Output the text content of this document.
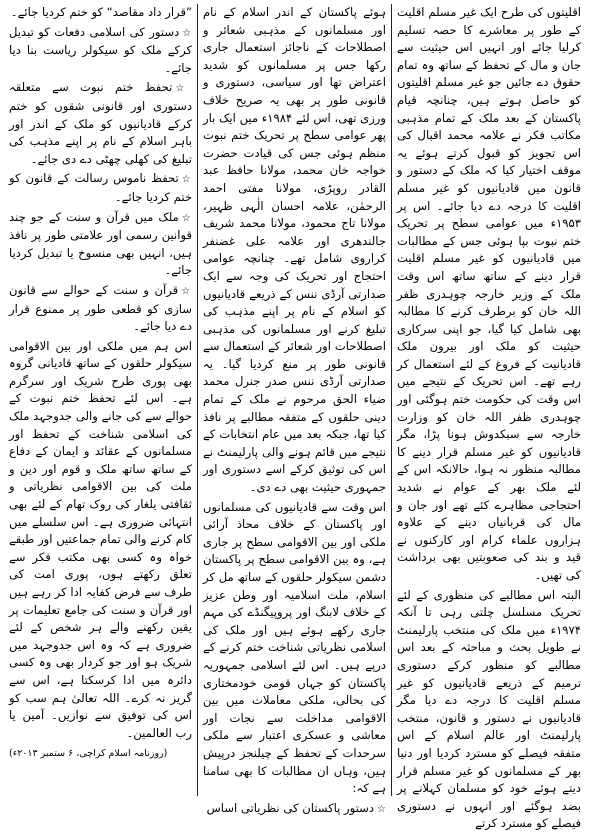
اقلیتوں کی طرح ایک غیر مسلم اقلیت کے طور پر معاشرے کا حصہ تسلیم کرلیا جائے اور انہیں اس حیثیت سے جان و مال کے تحفظ کے ساتھ وہ تمام حقوق دے جائیں جو غیر مسلم اقلیتوں کو حاصل ہوتے ہیں، چنانچہ قیام پاکستان کے بعد ملک کے تمام مذہبی مکاتب فکر نے علامہ محمد اقبال کی اس تجویز کو قبول کرتے ہوئے یہ موقف اختیار کیا کہ ملک کے دستور و قانون میں قادیانیوں کو غیر مسلم اقلیت کا درجہ دے دیا جائے۔ اس پر ۱۹۵۳ء میں عوامی سطح پر تحریک ختم نبوت بپا ہوئی جس کے مطالبات میں قادیانیوں کو غیر مسلم اقلیت قرار دینے کے ساتھ ساتھ اس وقت ملک کے وزیر خارجہ چوہدری ظفر اللہ خان کو برطرف کرنے کا مطالبہ بھی شامل کیا گیا، جو اپنی سرکاری حیثیت کو ملک اور بیرون ملک قادیانیت کے فروغ کے لئے استعمال کر رہے تھے۔ اس تحریک کے نتیجے میں اس وقت کی حکومت ختم ہوگئی اور چوہدری ظفر اللہ خان کو وزارت خارجہ سے سبکدوش ہونا پڑا، مگر قادیانیوں کو غیر مسلم قرار دینے کا مطالبہ منظور نہ ہوا، حالانکہ اس کے لئے ملک بھر کے عوام نے شدید احتجاجی مظاہرے کئے تھے اور جان و مال کی قربانیاں دینے کے علاوہ ہزاروں علماء کرام اور کارکنوں نے قید و بند کی صعوبتیں بھی برداشت کی تھیں۔

البتہ اس مطالبے کی منظوری کے لئے تحریک مسلسل چلتی رہی تا آنکہ ۱۹۷۴ء میں ملک کی منتخب پارلیمنٹ نے طویل بحث و مباحثہ کے بعد اس مطالبے کو منظور کرکے دستوری ترمیم کے ذریعے قادیانیوں کو غیر مسلم اقلیت کا درجہ دے دیا مگر قادیانیوں نے دستور و قانون، منتخب پارلیمنٹ اور عالم اسلام کے اس متفقہ فیصلے کو مسترد کردیا اور دنیا بھر کے مسلمانوں کو غیر مسلم قرار دیتے ہوئے خود کو مسلمان کہلانے پر بضد ہوگئے اور انہوں نے دستوری فیصلے کو مسترد کرتے

ہوئے پاکستان کے اندر اسلام کے نام اور مسلمانوں کے مذہبی شعائر و اصطلاحات کے ناجائز استعمال جاری رکھا جس پر مسلمانوں کو شدید اعتراض تھا اور سیاسی، دستوری و قانونی طور پر بھی یہ صریح خلاف ورزی تھی، اس لئے ۱۹۸۴ء میں ایک بار پھر عوامی سطح پر تحریک ختم نبوت منظم ہوئی جس کی قیادت حضرت خواجہ خان محمد، مولانا حافظ عبد القادر روپڑی، مولانا مفتی احمد الرحمٰن، علامہ احسان الٰہی ظہیر، مولانا تاج محمود، مولانا محمد شریف جالندھری اور علامہ علی غضنفر کراروی شامل تھے۔ چنانچہ عوامی احتجاج اور تحریک کی وجہ سے ایک صدارتی آرڈی ننس کے ذریعے قادیانیوں کو اسلام کے نام پر اپنے مذہب کی تبلیغ کرنے اور مسلمانوں کی مذہبی اصطلاحات اور شعائر کے استعمال سے قانونی طور پر منع کردیا گیا۔ یہ صدارتی آرڈی ننس صدر جنرل محمد ضیاء الحق مرحوم نے ملک کے تمام دینی حلقوں کے متفقہ مطالبے پر نافذ کیا تھا، جبکہ بعد میں عام انتخابات کے نتیجے میں قائم ہونے والی پارلیمنٹ نے اس کی توثیق کرکے اسے دستوری اور جمہوری حیثیت بھی دے دی۔

اس وقت سے قادیانیوں کی مسلمانوں اور پاکستان کے خلاف محاذ آرائی ملکی اور بین الاقوامی سطح پر جاری ہے، وہ بین الاقوامی سطح پر پاکستان دشمن سیکولر حلقوں کے ساتھ مل کر اسلام، ملت اسلامیہ اور وطن عزیز کے خلاف لابنگ اور پروپیگنڈے کی مہم جاری رکھے ہوئے ہیں اور ملک کی اسلامی نظریاتی شناخت ختم کرنے کے درپے ہیں۔ اس لئے اسلامی جمہوریہ پاکستان کو جہاں قومی خودمختاری کی بحالی، ملکی معاملات میں بین الاقوامی مداخلت سے نجات اور معاشی و عسکری اعتبار سے ملکی سرحدات کے تحفظ کے چیلنجز درپیش ہیں، وہاں ان مطالبات کا بھی سامنا ہے کہ:

☆دستور پاکستان کی نظریاتی اساس

”قرار داد مقاصد“ کو ختم کردیا جائے۔

☆دستور کی اسلامی دفعات کو تبدیل کرکے ملک کو سیکولر ریاست بنا دیا جائے۔

☆تحفظ ختم نبوت سے متعلقہ دستوری اور قانونی شقوں کو ختم کرکے قادیانیوں کو ملک کے اندر اور باہر اسلام کے نام پر اپنے مذہب کی تبلیغ کی کھلی چھٹی دے دی جائے۔

☆تحفظ ناموس رسالت کے قانون کو ختم کردیا جائے۔

☆ملک میں قرآن و سنت کے جو چند قوانین رسمی اور علامتی طور پر نافذ ہیں، انہیں بھی منسوخ یا تبدیل کردیا جائے۔

☆قرآن و سنت کے حوالے سے قانون سازی کو قطعی طور پر ممنوع قرار دے دیا جائے۔

اس ہم میں ملکی اور بین الاقوامی سیکولر حلقوں کے ساتھ قادیانی گروہ بھی پوری طرح شریک اور سرگرم ہے۔ اس لئے تحفظ ختم نبوت کے حوالے سے کی جانے والی جدوجہد ملک کی اسلامی شناخت کے تحفظ اور مسلمانوں کے عقائد و ایمان کے دفاع کے ساتھ ساتھ ملک و قوم اور دین و ملت کی بین الاقوامی نظریاتی و ثقافتی یلغار کی روک تھام کے لئے بھی انتہائی ضروری ہے۔ اس سلسلے میں کام کرنے والی تمام جماعتیں اور طبقے خواہ وہ کسی بھی مکتب فکر سے تعلق رکھتے ہوں، پوری امت کی طرف سے فرض کفایہ ادا کر رہے ہیں اور قرآن و سنت کی جامع تعلیمات پر یقین رکھنے والے ہر شخص کے لئے ضروری ہے کہ وہ اس جدوجہد میں شریک ہو اور جو کردار بھی وہ کسی دائرہ میں ادا کرسکتا ہے، اس سے گریز نہ کرے۔ اللہ تعالیٰ ہم سب کو اس کی توفیق سے نوازیں۔ آمین یا رب العالمین۔

(روزنامہ اسلام کراچی، ۶ ستمبر ۲۰۱۳ء)
